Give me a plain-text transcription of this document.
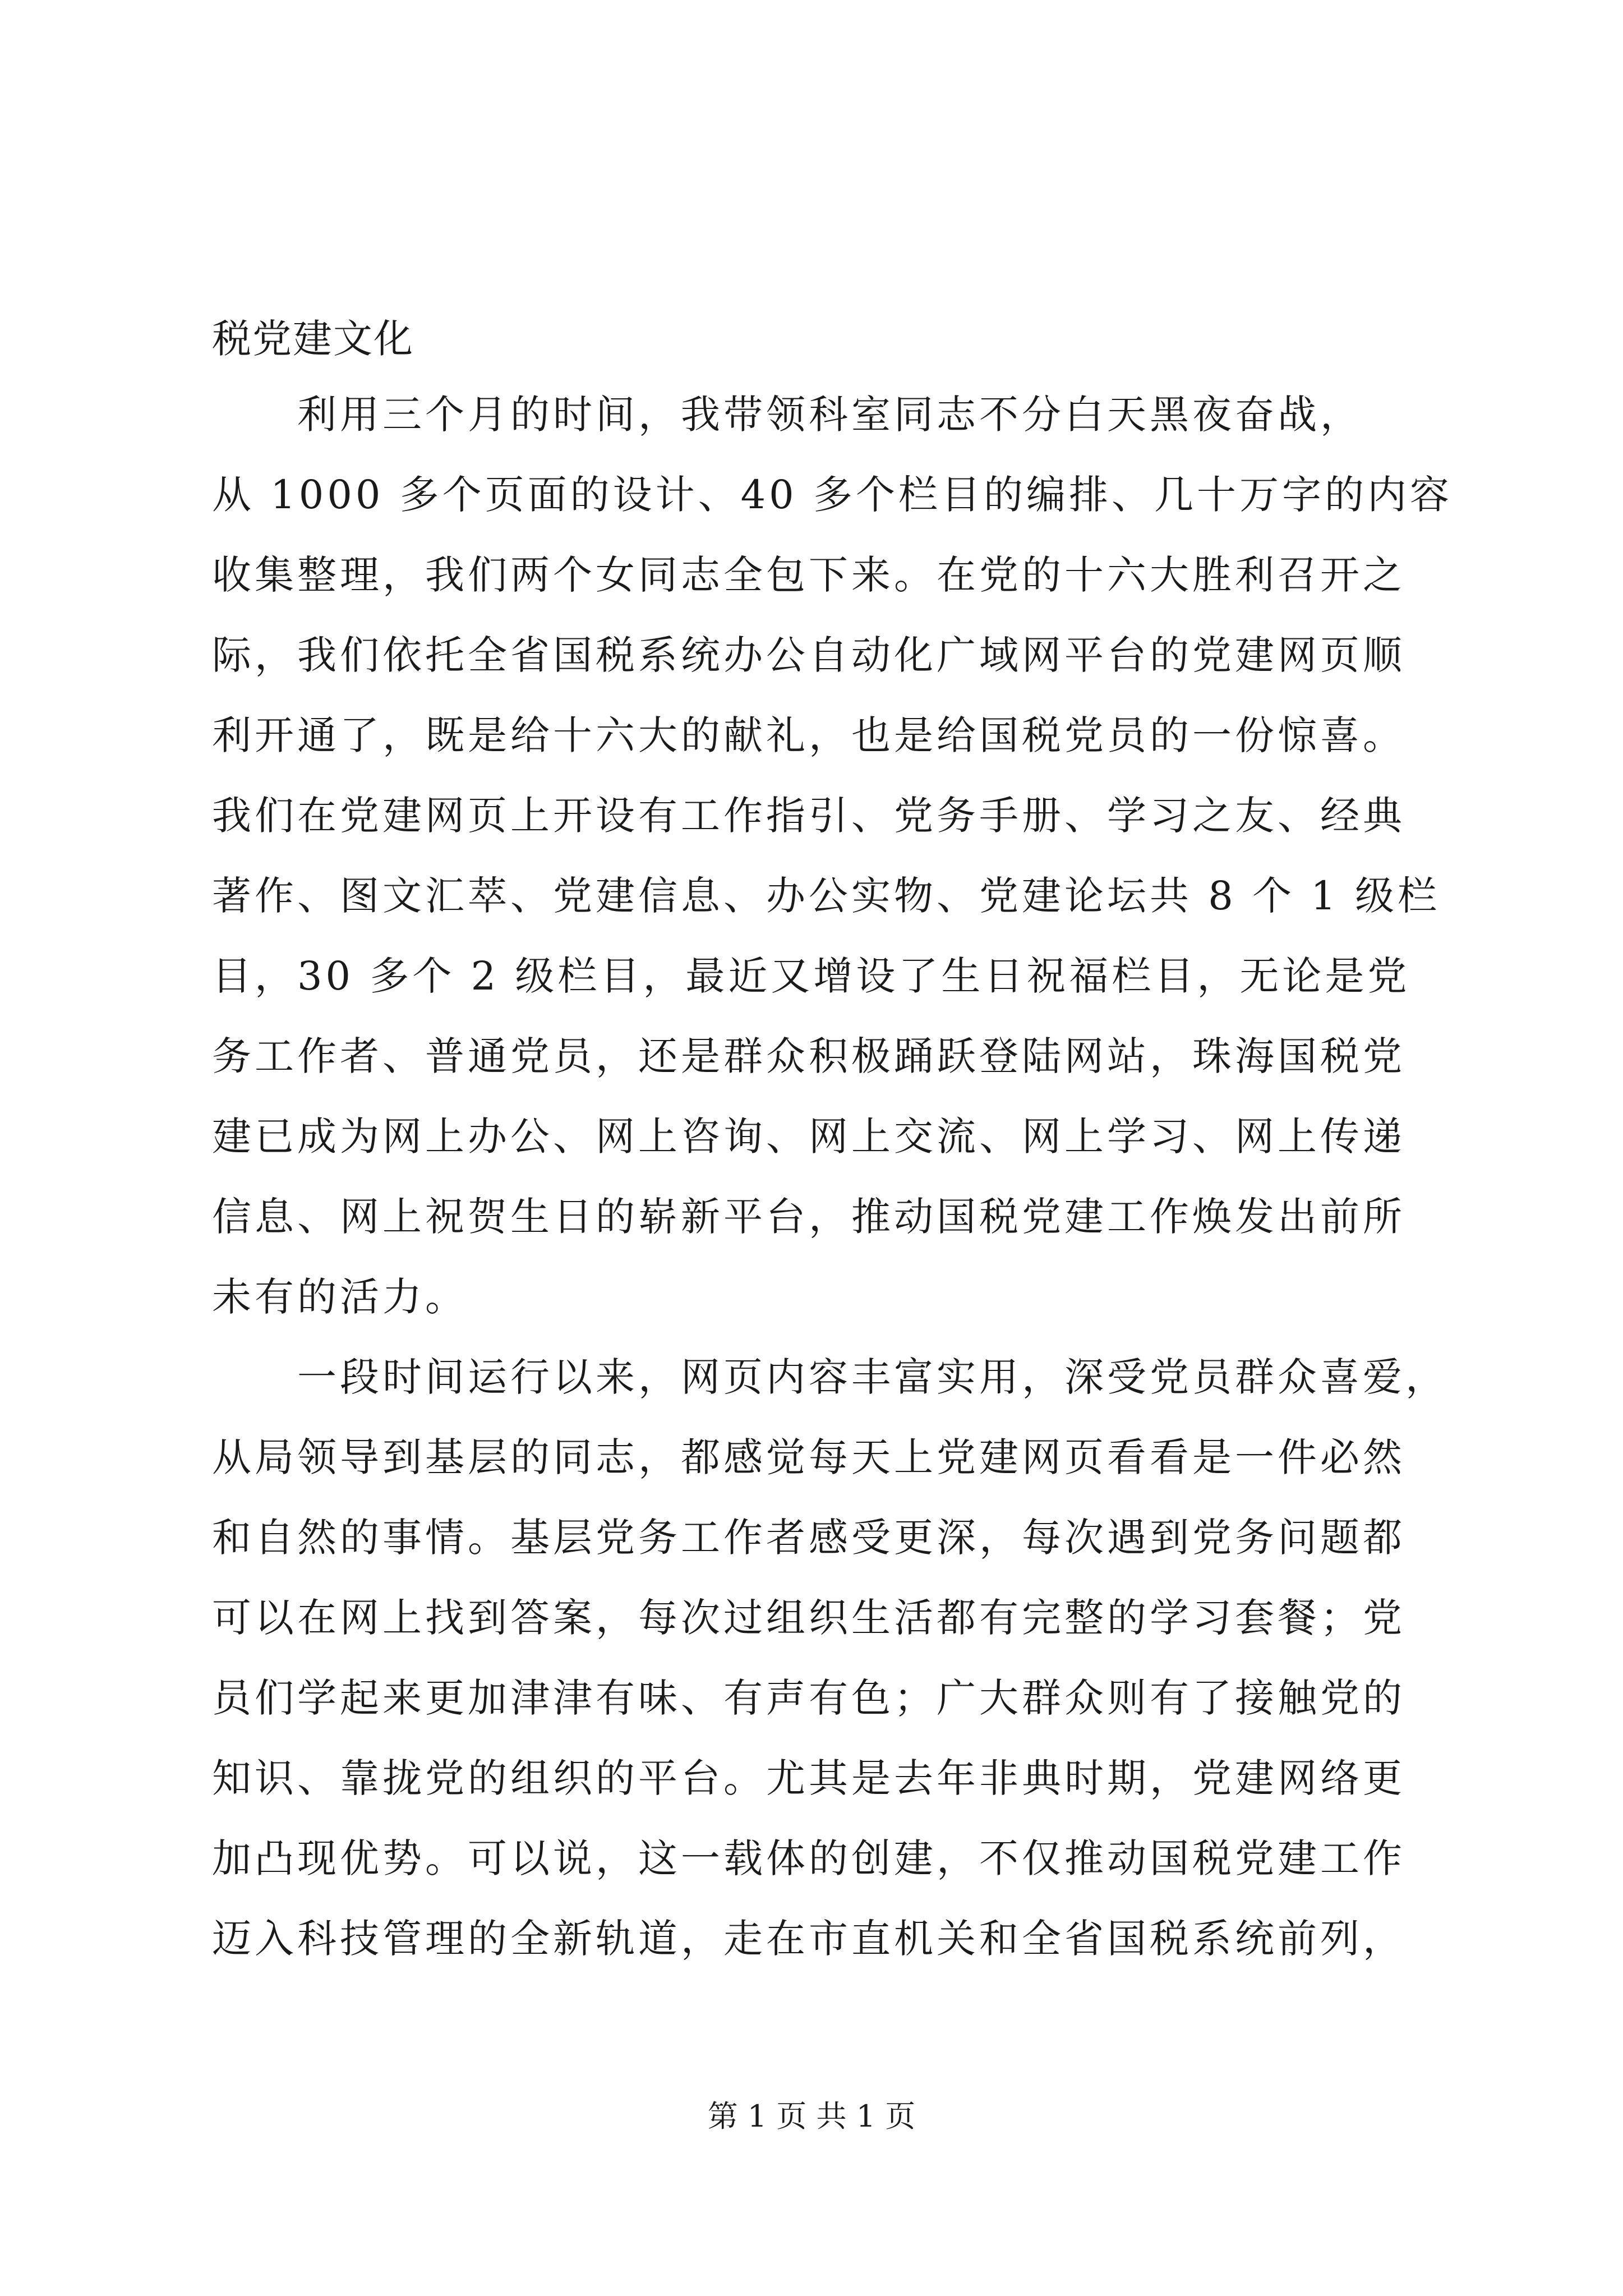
税党建文化
　　利用三个月的时间，我带领科室同志不分白天黑夜奋战，
从 1000 多个页面的设计、40 多个栏目的编排、几十万字的内容
收集整理，我们两个女同志全包下来。在党的十六大胜利召开之
际，我们依托全省国税系统办公自动化广域网平台的党建网页顺
利开通了，既是给十六大的献礼，也是给国税党员的一份惊喜。
我们在党建网页上开设有工作指引、党务手册、学习之友、经典
著作、图文汇萃、党建信息、办公实物、党建论坛共 8 个 1 级栏
目，30 多个 2 级栏目，最近又增设了生日祝福栏目，无论是党
务工作者、普通党员，还是群众积极踊跃登陆网站，珠海国税党
建已成为网上办公、网上咨询、网上交流、网上学习、网上传递
信息、网上祝贺生日的崭新平台，推动国税党建工作焕发出前所
未有的活力。
　　一段时间运行以来，网页内容丰富实用，深受党员群众喜爱，
从局领导到基层的同志，都感觉每天上党建网页看看是一件必然
和自然的事情。基层党务工作者感受更深，每次遇到党务问题都
可以在网上找到答案，每次过组织生活都有完整的学习套餐；党
员们学起来更加津津有味、有声有色；广大群众则有了接触党的
知识、靠拢党的组织的平台。尤其是去年非典时期，党建网络更
加凸现优势。可以说，这一载体的创建，不仅推动国税党建工作
迈入科技管理的全新轨道，走在市直机关和全省国税系统前列，
第 1 页 共 1 页
